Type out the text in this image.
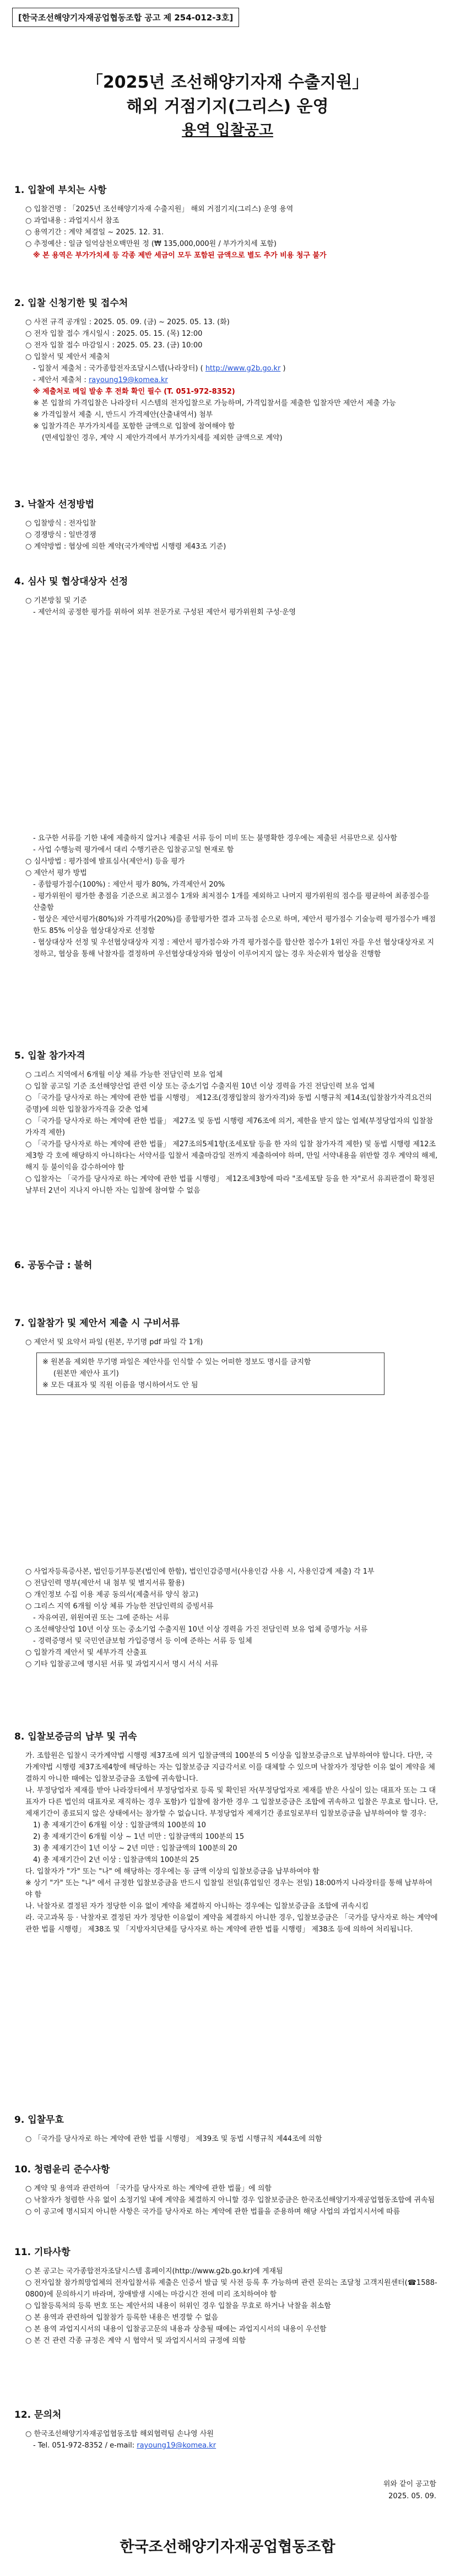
[한국조선해양기자재공업협동조합 공고 제 254-012-3호]
「2025년 조선해양기자재 수출지원」
해외 거점기지(그리스) 운영
용역 입찰공고

1. 입찰에 부치는 사항

○ 입찰건명 : 「2025년 조선해양기자재 수출지원」 해외 거점기지(그리스) 운영 용역

○ 과업내용 : 과업지시서 참조

○ 용역기간 : 계약 체결일 ~ 2025. 12. 31.

○ 추정예산 : 일금 일억삼천오백만원 정 (₩ 135,000,000원 / 부가가치세 포함)

※ 본 용역은 부가가치세 등 각종 제반 세금이 모두 포함된 금액으로 별도 추가 비용 청구 불가

2. 입찰 신청기한 및 접수처

○ 사전 규격 공개일 : 2025. 05. 09. (금) ~ 2025. 05. 13. (화)

○ 전자 입찰 접수 개시일시 : 2025. 05. 15. (목) 12:00

○ 전자 입찰 접수 마감일시 : 2025. 05. 23. (금) 10:00

○ 입찰서 및 제안서 제출처

- 입찰서 제출처 : 국가종합전자조달시스템(나라장터) ( http://www.g2b.go.kr )

- 제안서 제출처 : rayoung19@komea.kr

※ 제출처로 메일 발송 후 전화 확인 필수 (T. 051-972-8352)

※ 본 입찰의 가격입찰은 나라장터 시스템의 전자입찰으로 가능하며, 가격입찰서를 제출한 입찰자만 제안서 제출 가능

※ 가격입찰서 제출 시, 반드시 가격제안(산출내역서) 첨부

※ 입찰가격은 부가가치세를 포함한 금액으로 입찰에 참여해야 함

(면세입찰인 경우, 계약 시 제안가격에서 부가가치세를 제외한 금액으로 계약)

3. 낙찰자 선정방법

○ 입찰방식 : 전자입찰

○ 경쟁방식 : 일반경쟁

○ 계약방법 : 협상에 의한 계약(국가계약법 시행령 제43조 기준)

4. 심사 및 협상대상자 선정

○ 기본방침 및 기준

- 제안서의 공정한 평가를 위하여 외부 전문가로 구성된 제안서 평가위원회 구성·운영

- 요구한 서류를 기한 내에 제출하지 않거나 제출된 서류 등이 미비 또는 불명확한 경우에는 제출된 서류만으로 심사함

- 사업 수행능력 평가에서 대리 수행기관은 입찰공고일 현재로 함

○ 심사방법 : 평가점에 발표심사(제안서) 등을 평가

○ 제안서 평가 방법

- 종합평가점수(100%) : 제안서 평가 80%, 가격제안서 20%

- 평가위원이 평가한 총점을 기준으로 최고점수 1개와 최저점수 1개를 제외하고 나머지 평가위원의 점수를 평균하여 최종점수를 산출함

- 협상은 제안서평가(80%)와 가격평가(20%)를 종합평가한 결과 고득점 순으로 하며, 제안서 평가점수 기술능력 평가점수가 배점한도 85% 이상을 협상대상자로 선정함

- 협상대상자 선정 및 우선협상대상자 지정 : 제안서 평가점수와 가격 평가점수를 합산한 점수가 1위인 자를 우선 협상대상자로 지정하고, 협상을 통해 낙찰자를 결정하며 우선협상대상자와 협상이 이루어지지 않는 경우 차순위자 협상을 진행함

5. 입찰 참가자격

○ 그리스 지역에서 6개월 이상 체류 가능한 전담인력 보유 업체

○ 입찰 공고일 기준 조선해양산업 관련 이상 또는 중소기업 수출지원 10년 이상 경력을 가진 전담인력 보유 업체

○ 「국가를 당사자로 하는 계약에 관한 법률 시행령」 제12조(경쟁입찰의 참가자격)와 동법 시행규칙 제14조(입찰참가자격요건의 증명)에 의한 입찰참가자격을 갖춘 업체

○ 「국가를 당사자로 하는 계약에 관한 법률」 제27조 및 동법 시행령 제76조에 의거, 제한을 받지 않는 업체(부정당업자의 입찰참가자격 제한)

○ 「국가를 당사자로 하는 계약에 관한 법률」 제27조의5제1항(조세포탈 등을 한 자의 입찰 참가자격 제한) 및 동법 시행령 제12조제3항 각 호에 해당하지 아니하다는 서약서를 입찰서 제출마감일 전까지 제출하여야 하며, 만일 서약내용을 위반할 경우 계약의 해제, 해지 등 불이익을 감수하여야 함

○ 입찰자는 「국가를 당사자로 하는 계약에 관한 법률 시행령」 제12조제3항에 따라 "조세포탈 등을 한 자"로서 유죄판결이 확정된 날부터 2년이 지나지 아니한 자는 입찰에 참여할 수 없음

6. 공동수급 : 불허

7. 입찰참가 및 제안서 제출 시 구비서류

○ 제안서 및 요약서 파일 (원본, 무기명 pdf 파일 각 1개)

※ 원본을 제외한 무기명 파일은 제안사를 인식할 수 있는 어떠한 정보도 명시를 금지함

(원본만 제안사 표기)

※ 모든 대표자 및 직원 이름을 명시하여서도 안 됨

○ 사업자등록증사본, 법인등기부등본(법인에 한함), 법인인감증명서(사용인감 사용 시, 사용인감계 제출) 각 1부

○ 전담인력 명부(제안서 내 첨부 및 별지서류 활용)

○ 개인정보 수집 이용 제공 동의서(제출서류 양식 참고)

○ 그리스 지역 6개월 이상 체류 가능한 전담인력의 증빙서류

- 자유여권, 위원여권 또는 그에 준하는 서류

○ 조선해양산업 10년 이상 또는 중소기업 수출지원 10년 이상 경력을 가진 전담인력 보유 업체 증명가능 서류

- 경력증명서 및 국민연금보험 가입증명서 등 이에 준하는 서류 등 일체

○ 입찰가격 제안서 및 세부가격 산출표

○ 기타 입찰공고에 명시된 서류 및 과업지시서 명시 서식 서류

8. 입찰보증금의 납부 및 귀속

가. 조합원은 입찰시 국가계약법 시행령 제37조에 의거 입찰금액의 100분의 5 이상을 입찰보증금으로 납부하여야 합니다. 다만, 국가계약법 시행령 제37조제4항에 해당하는 자는 입찰보증금 지급각서로 이를 대체할 수 있으며 낙찰자가 정당한 이유 없이 계약을 체결하지 아니한 때에는 입찰보증금을 조합에 귀속합니다.

나. 부정당업자 제재를 받아 나라장터에서 부정당업자로 등록 및 확인된 자(부정당업자로 제재를 받은 사실이 있는 대표자 또는 그 대표자가 다른 법인의 대표자로 재직하는 경우 포함)가 입찰에 참가한 경우 그 입찰보증금은 조합에 귀속하고 입찰은 무효로 합니다. 단, 제재기간이 종료되지 않은 상태에서는 참가할 수 없습니다. 부정당업자 제재기간 종료일로부터 입찰보증금을 납부하여야 할 경우:

1) 총 제재기간이 6개월 이상 : 입찰금액의 100분의 10

2) 총 제재기간이 6개월 이상 ~ 1년 미만 : 입찰금액의 100분의 15

3) 총 제재기간이 1년 이상 ~ 2년 미만 : 입찰금액의 100분의 20

4) 총 제재기간이 2년 이상 : 입찰금액의 100분의 25

다. 입찰자가 "가" 또는 "나" 에 해당하는 경우에는 동 금액 이상의 입찰보증금을 납부하여야 함

※ 상기 "가" 또는 "나" 에서 규정한 입찰보증금을 반드시 입찰일 전일(휴업일인 경우는 전일) 18:00까지 나라장터를 통해 납부하여야 함

나. 낙찰자로 결정된 자가 정당한 이유 없이 계약을 체결하지 아니하는 경우에는 입찰보증금을 조합에 귀속시킴

라. 국고과목 등 · 낙찰자로 결정된 자가 정당한 이유없이 계약을 체결하지 아니한 경우, 입찰보증금은 「국가를 당사자로 하는 계약에 관한 법률 시행령」 제38조 및 「지방자치단체를 당사자로 하는 계약에 관한 법률 시행령」 제38조 등에 의하여 처리됩니다.

9. 입찰무효

○ 「국가를 당사자로 하는 계약에 관한 법률 시행령」 제39조 및 동법 시행규칙 제44조에 의함

10. 청렴윤리 준수사항

○ 계약 및 용역과 관련하여 「국가를 당사자로 하는 계약에 관한 법률」에 의함

○ 낙찰자가 청렴한 사유 없이 소정기일 내에 계약을 체결하지 아니할 경우 입찰보증금은 한국조선해양기자재공업협동조합에 귀속됨

○ 이 공고에 명시되지 아니한 사항은 국가를 당사자로 하는 계약에 관한 법률을 준용하며 해당 사업의 과업지시서에 따름

11. 기타사항

○ 본 공고는 국가종합전자조달시스템 홈페이지(http://www.g2b.go.kr)에 게재됨

○ 전자입찰 참가희망업체의 전자입찰서류 제출은 인증서 발급 및 사전 등록 후 가능하며 관련 문의는 조달청 고객지원센터(☎1588-0800)에 문의하시기 바라며, 장애발생 시에는 마감시간 전에 미리 조치하여야 함

○ 입찰등록처의 등록 번호 또는 제안서의 내용이 허위인 경우 입찰을 무효로 하거나 낙찰을 취소함

○ 본 용역과 관련하여 입찰참가 등록한 내용은 변경할 수 없음

○ 본 용역 과업지시서의 내용이 입찰공고문의 내용과 상충될 때에는 과업지시서의 내용이 우선함

○ 본 건 관련 각종 규정은 계약 시 협약서 및 과업지시서의 규정에 의함

12. 문의처

○ 한국조선해양기자재공업협동조합 해외협력팀 손나영 사원

- Tel. 051-972-8352 / e-mail: rayoung19@komea.kr

위와 같이 공고함
2025. 05. 09.
한국조선해양기자재공업협동조합
